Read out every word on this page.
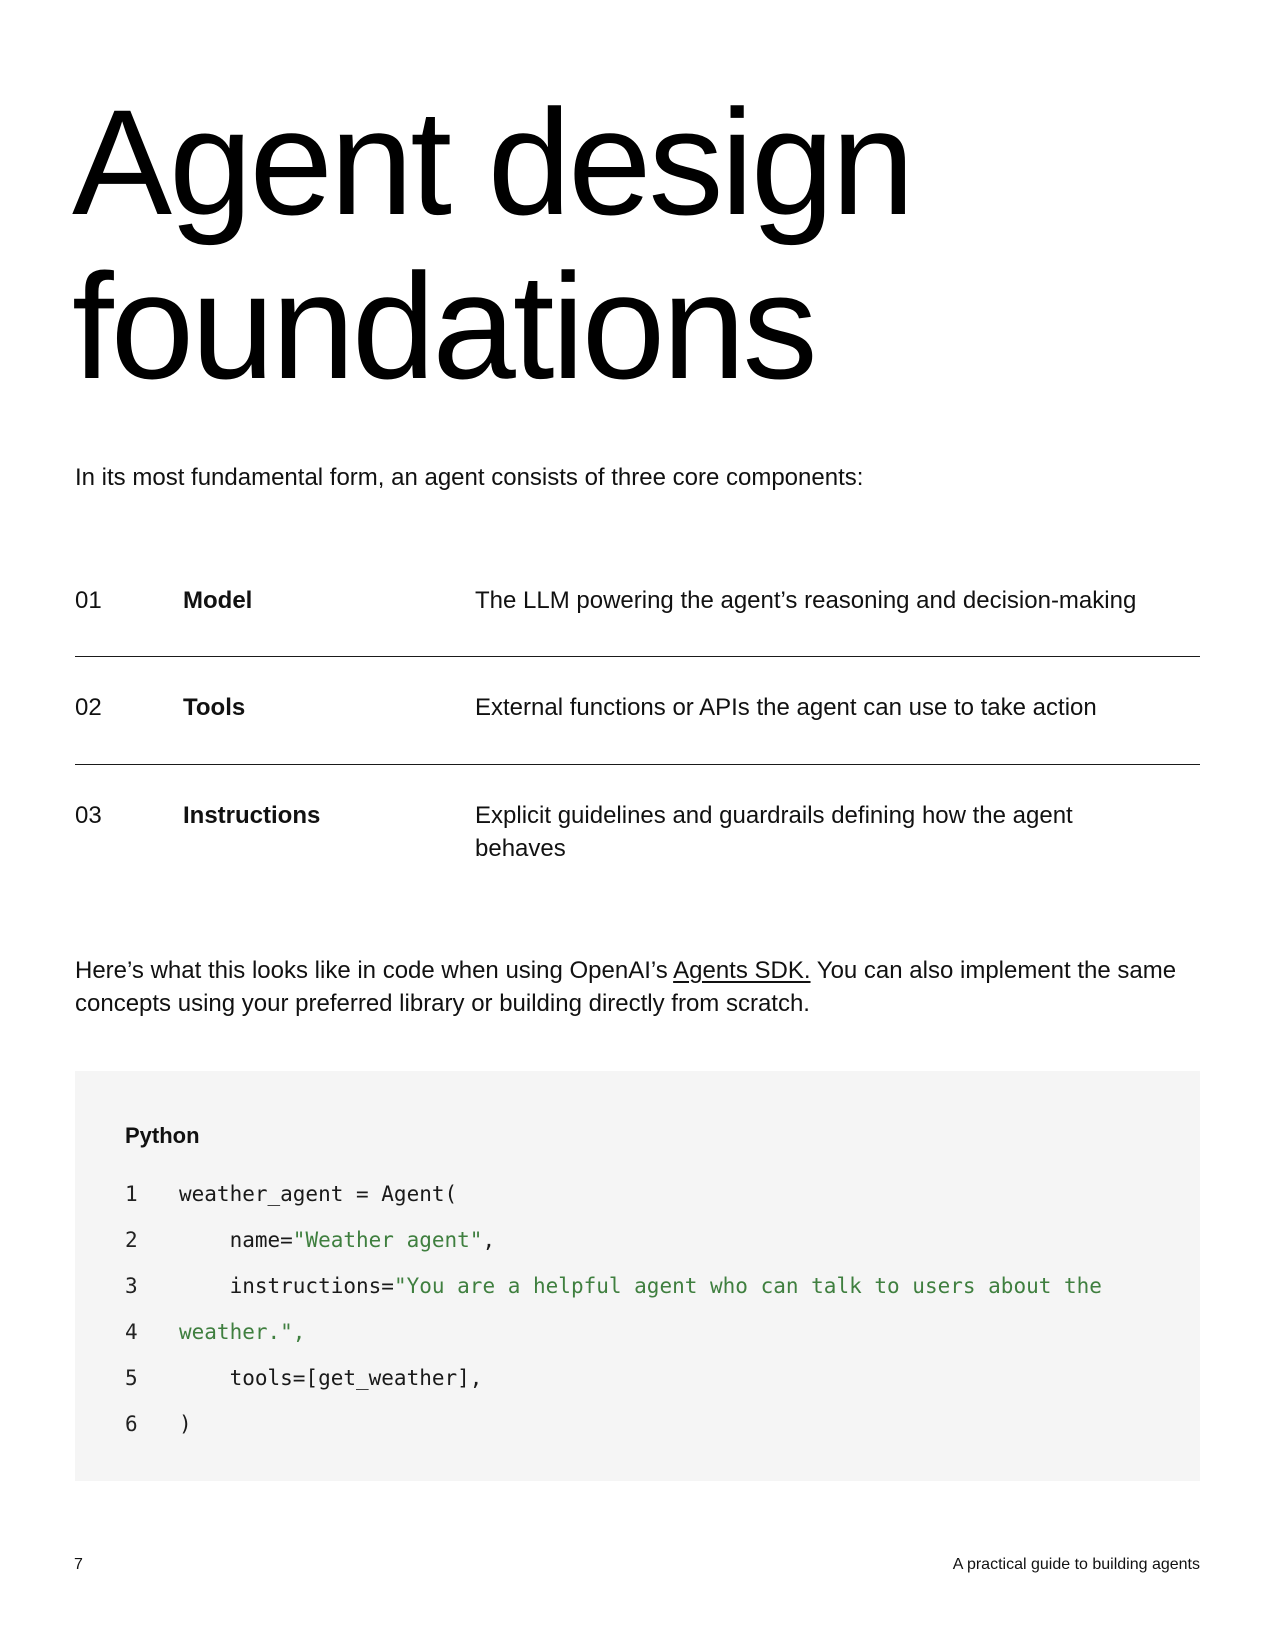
Agent design
foundations

In its most fundamental form, an agent consists of three core components:

01	Model	The LLM powering the agent’s reasoning and decision-making
02	Tools	External functions or APIs the agent can use to take action
03	Instructions	Explicit guidelines and guardrails defining how the agent behaves

Here’s what this looks like in code when using OpenAI’s Agents SDK. You can also implement the same concepts using your preferred library or building directly from scratch.

Python

1

weather_agent = Agent(

2

name="Weather agent",

3

instructions="You are a helpful agent who can talk to users about the

4

weather.",

5

tools=[get_weather],

6

)

7	A practical guide to building agents
